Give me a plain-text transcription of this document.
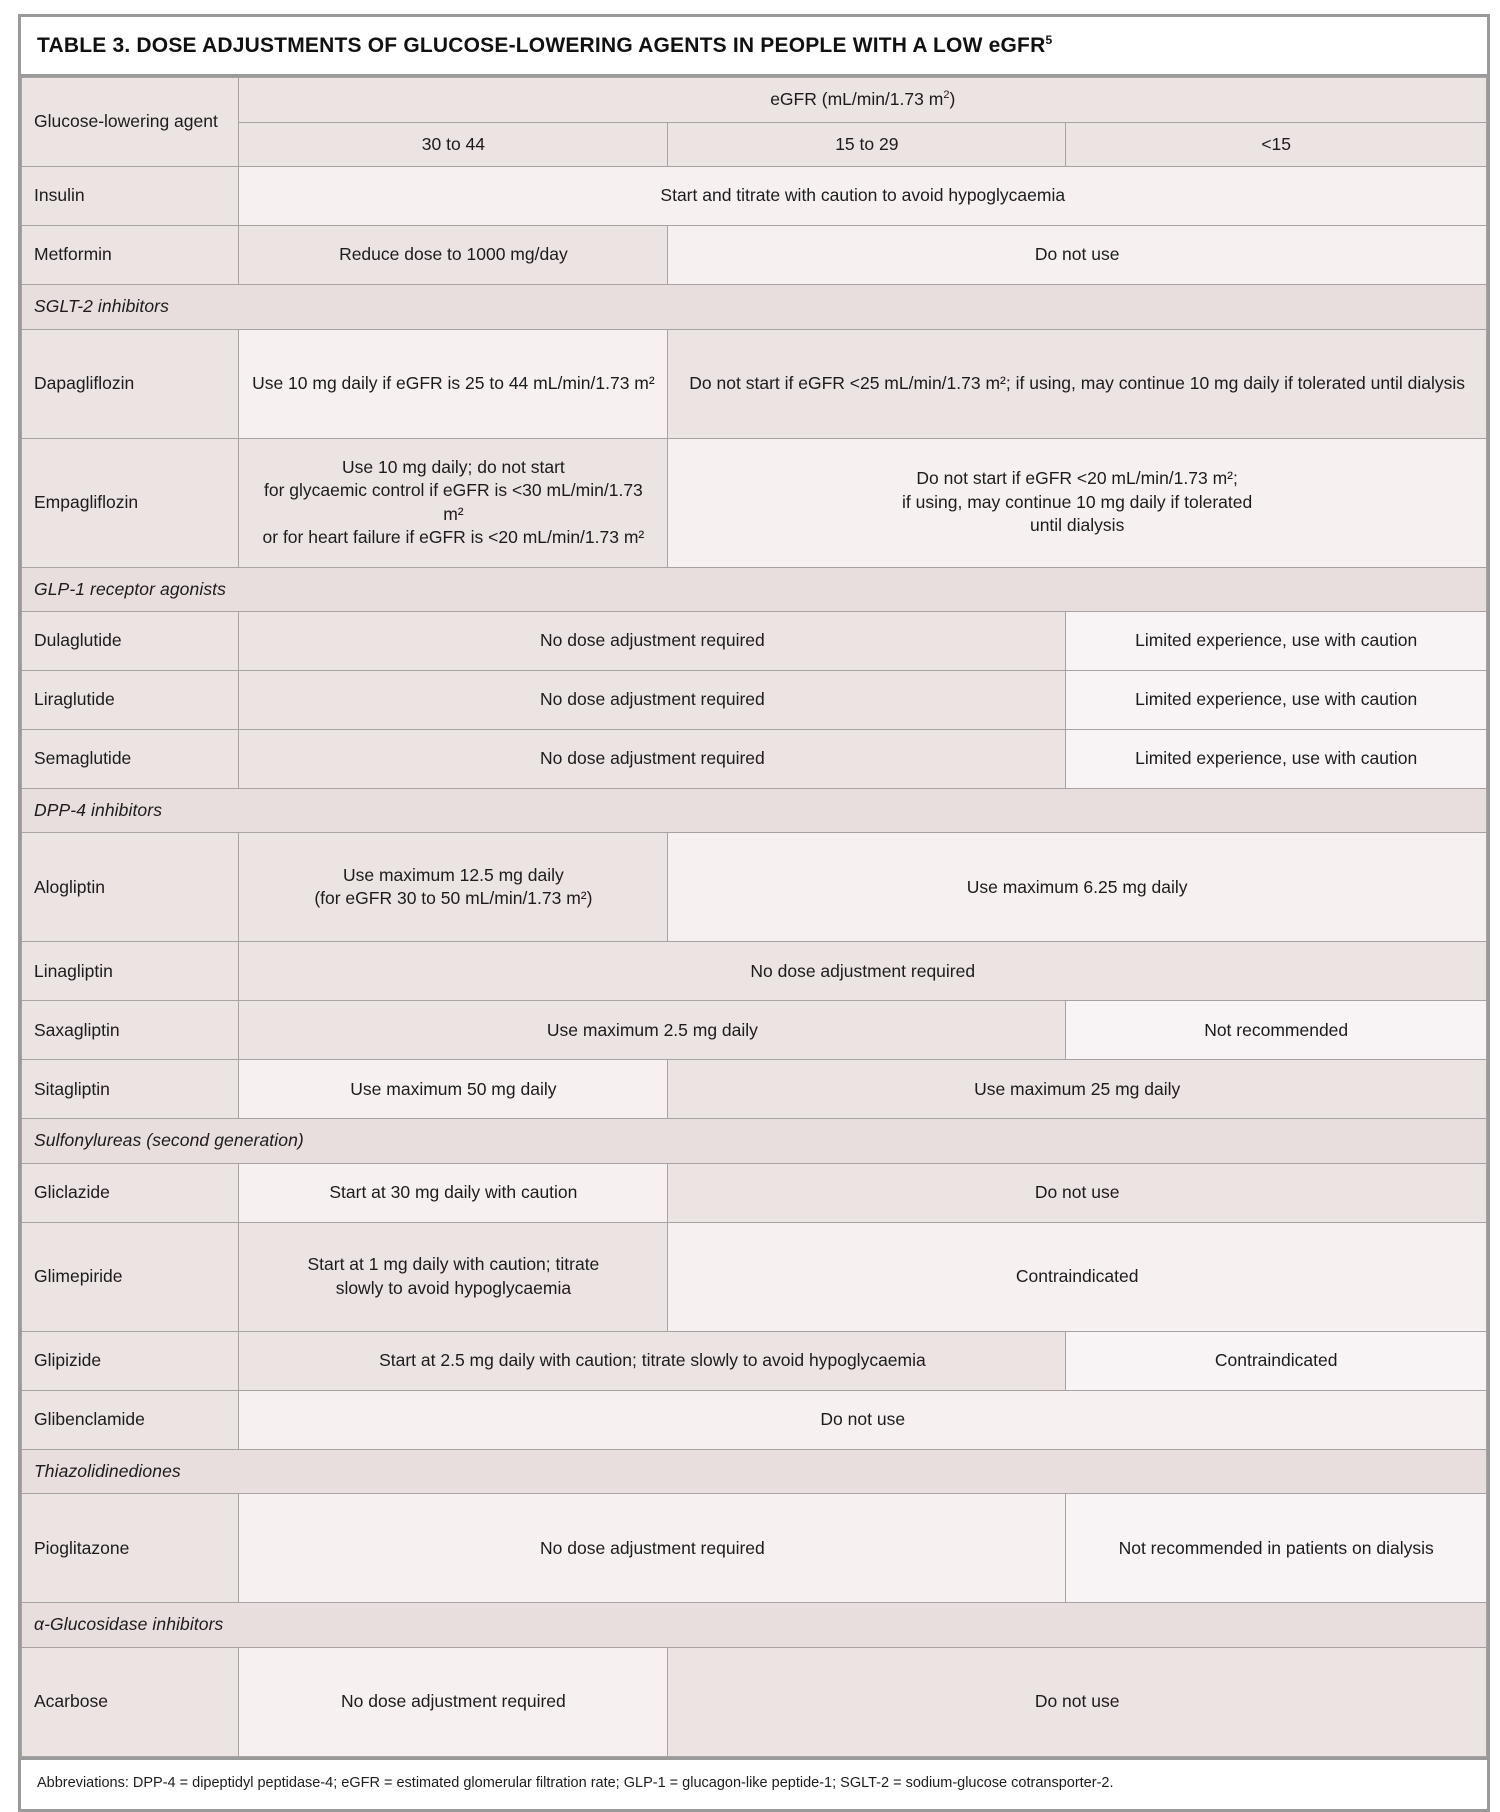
TABLE 3. DOSE ADJUSTMENTS OF GLUCOSE-LOWERING AGENTS IN PEOPLE WITH A LOW eGFR$^5$
Glucose-lowering agent	eGFR (mL/min/1.73 $m^2$)		
	30 to 44	15 to 29	<15
Insulin	Start and titrate with caution to avoid hypoglycaemia		
Metformin	Reduce dose to 1000 mg/day	Do not use	
SGLT-2 inhibitors			
Dapagliflozin	Use 10 mg daily if eGFR is 25 to 44 mL/min/1.73 m²	Do not start if eGFR <25 mL/min/1.73 m²; if using, may continue 10 mg daily if tolerated until dialysis	
Empagliflozin	Use 10 mg daily; do not start
for glycaemic control if eGFR is <30 mL/min/1.73 m²
or for heart failure if eGFR is <20 mL/min/1.73 m²	Do not start if eGFR <20 mL/min/1.73 m²;
if using, may continue 10 mg daily if tolerated
until dialysis	
GLP-1 receptor agonists			
Dulaglutide	No dose adjustment required		Limited experience, use with caution
Liraglutide	No dose adjustment required		Limited experience, use with caution
Semaglutide	No dose adjustment required		Limited experience, use with caution
DPP-4 inhibitors			
Alogliptin	Use maximum 12.5 mg daily
(for eGFR 30 to 50 mL/min/1.73 m²)	Use maximum 6.25 mg daily	
Linagliptin	No dose adjustment required		
Saxagliptin	Use maximum 2.5 mg daily		Not recommended
Sitagliptin	Use maximum 50 mg daily	Use maximum 25 mg daily	
Sulfonylureas (second generation)			
Gliclazide	Start at 30 mg daily with caution	Do not use	
Glimepiride	Start at 1 mg daily with caution; titrate
slowly to avoid hypoglycaemia	Contraindicated	
Glipizide	Start at 2.5 mg daily with caution; titrate slowly to avoid hypoglycaemia		Contraindicated
Glibenclamide	Do not use		
Thiazolidinediones			
Pioglitazone	No dose adjustment required		Not recommended in patients on dialysis
α-Glucosidase inhibitors			
Acarbose	No dose adjustment required	Do not use	
Abbreviations: DPP-4 = dipeptidyl peptidase-4; eGFR = estimated glomerular filtration rate; GLP-1 = glucagon-like peptide-1; SGLT-2 = sodium-glucose cotransporter-2.
